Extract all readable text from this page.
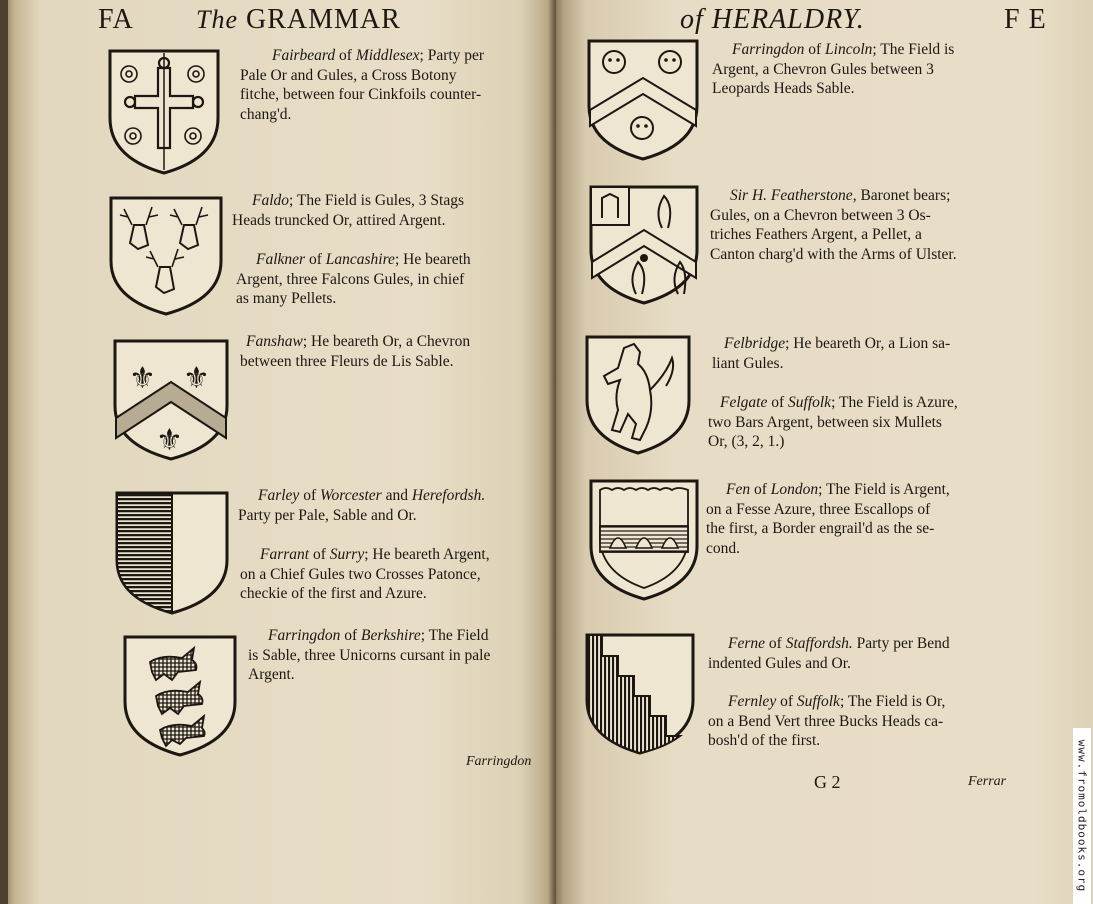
FA The GRAMMAR
Fairbeard of Middlesex; Party per
Pale Or and Gules, a Cross Botony
fitche, between four Cinkfoils counter-
chang'd.
Faldo; The Field is Gules, 3 Stags
Heads truncked Or, attired Argent.
Falkner of Lancashire; He beareth
Argent, three Falcons Gules, in chief
as many Pellets.
⚜ ⚜
⚜
Fanshaw; He beareth Or, a Chevron
between three Fleurs de Lis Sable.
Farley of Worcester and Herefordsh.
Party per Pale, Sable and Or.
Farrant of Surry; He beareth Argent,
on a Chief Gules two Crosses Patonce,
checkie of the first and Azure.
Farringdon of Berkshire; The Field
is Sable, three Unicorns cursant in pale
Argent.
Farringdon
of HERALDRY.	F E
Farringdon of Lincoln; The Field is
Argent, a Chevron Gules between 3
Leopards Heads Sable.
Sir H. Featherstone, Baronet bears;
Gules, on a Chevron between 3 Os-
triches Feathers Argent, a Pellet, a
Canton charg'd with the Arms of Ulster.
Felbridge; He beareth Or, a Lion sa-
liant Gules.
Felgate of Suffolk; The Field is Azure,
two Bars Argent, between six Mullets
Or, (3, 2, 1.)
Fen of London; The Field is Argent,
on a Fesse Azure, three Escallops of
the first, a Border engrail'd as the se-
cond.
Ferne of Staffordsh. Party per Bend
indented Gules and Or.
Fernley of Suffolk; The Field is Or,
on a Bend Vert three Bucks Heads ca-
bosh'd of the first.
G 2	Ferrar	www.fromoldbooks.org
